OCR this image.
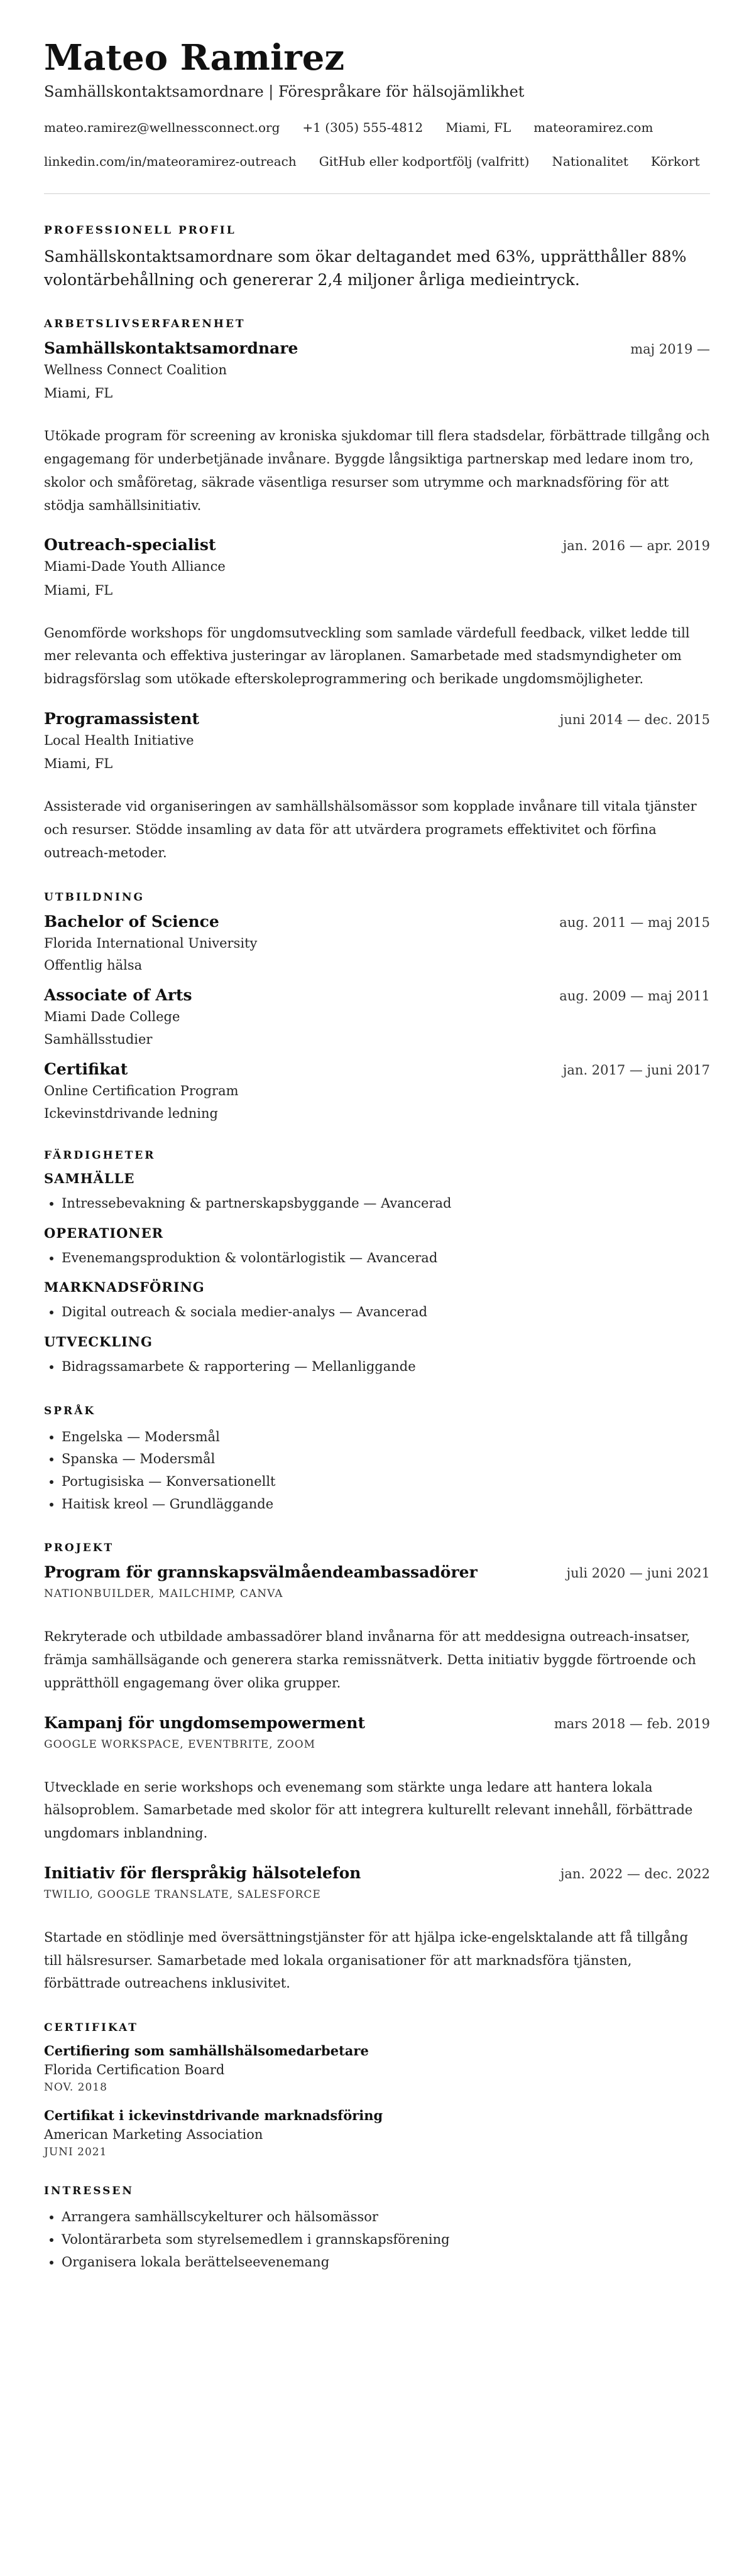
Mateo Ramirez
Samhällskontaktsamordnare | Förespråkare för hälsojämlikhet
mateo.ramirez@wellnessconnect.org +1 (305) 555-4812 Miami, FL mateoramirez.com
linkedin.com/in/mateoramirez-outreach GitHub eller kodportfölj (valfritt) Nationalitet Körkort
PROFESSIONELL PROFIL

Samhällskontaktsamordnare som ökar deltagandet med 63%, upprätthåller 88% volontärbehållning och genererar 2,4 miljoner årliga medieintryck.

ARBETSLIVSERFARENHET
Samhällskontaktsamordnare	maj 2019 —
Wellness Connect Coalition
Miami, FL

Utökade program för screening av kroniska sjukdomar till flera stadsdelar, förbättrade tillgång och engagemang för underbetjänade invånare. Byggde långsiktiga partnerskap med ledare inom tro, skolor och småföretag, säkrade väsentliga resurser som utrymme och marknadsföring för att stödja samhällsinitiativ.

Outreach-specialist	jan. 2016 — apr. 2019
Miami-Dade Youth Alliance
Miami, FL

Genomförde workshops för ungdomsutveckling som samlade värdefull feedback, vilket ledde till mer relevanta och effektiva justeringar av läroplanen. Samarbetade med stadsmyndigheter om bidragsförslag som utökade efterskoleprogrammering och berikade ungdomsmöjligheter.

Programassistent	juni 2014 — dec. 2015
Local Health Initiative
Miami, FL

Assisterade vid organiseringen av samhällshälsomässor som kopplade invånare till vitala tjänster och resurser. Stödde insamling av data för att utvärdera programets effektivitet och förfina outreach-metoder.

UTBILDNING
Bachelor of Science	aug. 2011 — maj 2015
Florida International University
Offentlig hälsa
Associate of Arts	aug. 2009 — maj 2011
Miami Dade College
Samhällsstudier
Certifikat	jan. 2017 — juni 2017
Online Certification Program
Ickevinstdrivande ledning
FÄRDIGHETER
SAMHÄLLE
• Intressebevakning & partnerskapsbyggande — Avancerad
OPERATIONER
• Evenemangsproduktion & volontärlogistik — Avancerad
MARKNADSFÖRING
• Digital outreach & sociala medier-analys — Avancerad
UTVECKLING
• Bidragssamarbete & rapportering — Mellanliggande
SPRÅK
• Engelska — Modersmål
• Spanska — Modersmål
• Portugisiska — Konversationellt
• Haitisk kreol — Grundläggande
PROJEKT
Program för grannskapsvälmåendeambassadörer	juli 2020 — juni 2021
NATIONBUILDER, MAILCHIMP, CANVA

Rekryterade och utbildade ambassadörer bland invånarna för att meddesigna outreach-insatser, främja samhällsägande och generera starka remissnätverk. Detta initiativ byggde förtroende och upprätthöll engagemang över olika grupper.

Kampanj för ungdomsempowerment	mars 2018 — feb. 2019
GOOGLE WORKSPACE, EVENTBRITE, ZOOM

Utvecklade en serie workshops och evenemang som stärkte unga ledare att hantera lokala hälsoproblem. Samarbetade med skolor för att integrera kulturellt relevant innehåll, förbättrade ungdomars inblandning.

Initiativ för flerspråkig hälsotelefon	jan. 2022 — dec. 2022
TWILIO, GOOGLE TRANSLATE, SALESFORCE

Startade en stödlinje med översättningstjänster för att hjälpa icke-engelsktalande att få tillgång till hälsresurser. Samarbetade med lokala organisationer för att marknadsföra tjänsten, förbättrade outreachens inklusivitet.

CERTIFIKAT
Certifiering som samhällshälsomedarbetare
Florida Certification Board
NOV. 2018
Certifikat i ickevinstdrivande marknadsföring
American Marketing Association
JUNI 2021
INTRESSEN
• Arrangera samhällscykelturer och hälsomässor
• Volontärarbeta som styrelsemedlem i grannskapsförening
• Organisera lokala berättelseevenemang
